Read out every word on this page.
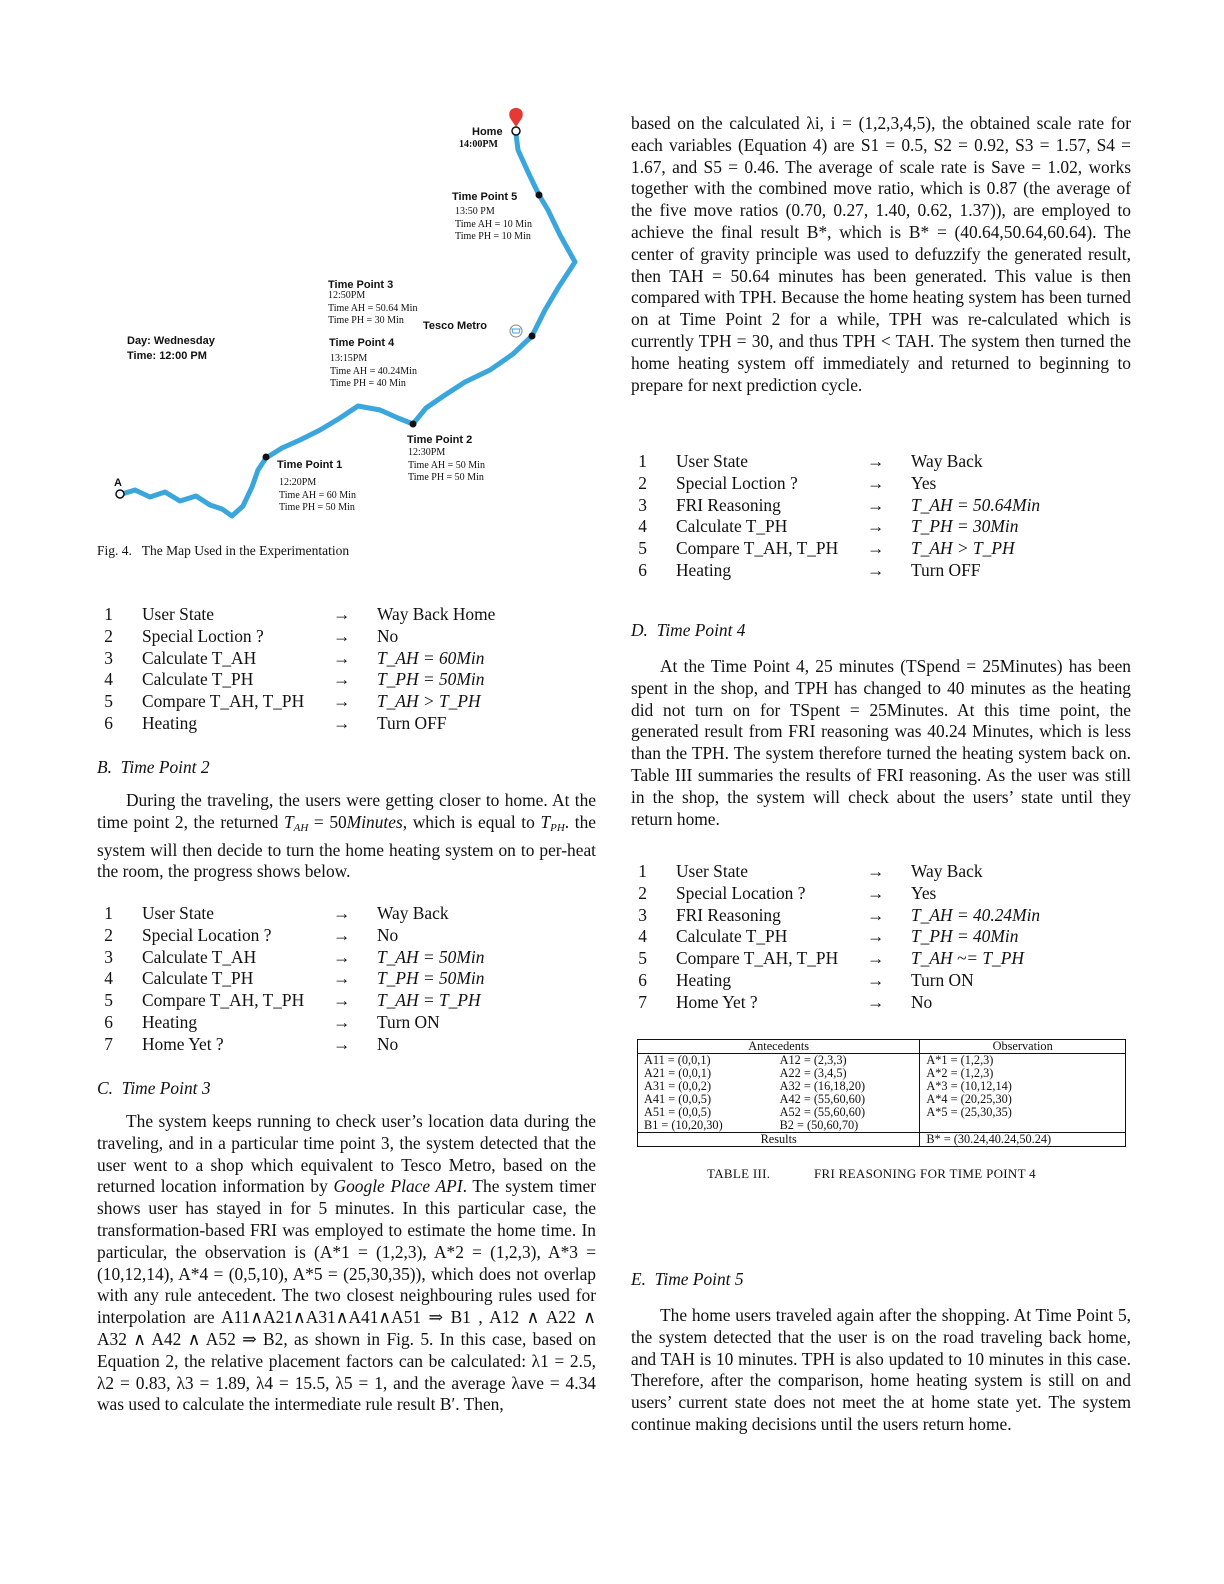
Home
14:00PM
Time Point 5
13:50 PM
Time AH = 10 Min
Time PH = 10 Min
Time Point 3
12:50PM
Time AH = 50.64 Min
Time PH = 30 Min	Tesco Metro
Day: Wednesday
Time: 12:00 PM
Time Point 4
13:15PM
Time AH = 40.24Min
Time PH = 40 Min
Time Point 2
12:30PM
Time AH = 50 Min
Time PH = 50 Min
Time Point 1
12:20PM
Time AH = 60 Min
Time PH = 50 Min
A
Fig. 4.   The Map Used in the Experimentation
1	User State	→	Way Back Home
2	Special Loction ?	→	No
3	Calculate T_AH	→	T_AH = 60Min
4	Calculate T_PH	→	T_PH = 50Min
5	Compare T_AH, T_PH	→	T_AH > T_PH
6	Heating	→	Turn OFF
B.  Time Point 2

During the traveling, the users were getting closer to home. At the time point 2, the returned $T_{AH}$ = 50Minutes, which is equal to $T_{PH}$. the system will then decide to turn the home heating system on to per-heat the room, the progress shows below.

1	User State	→	Way Back
2	Special Location ?	→	No
3	Calculate T_AH	→	T_AH = 50Min
4	Calculate T_PH	→	T_PH = 50Min
5	Compare T_AH, T_PH	→	T_AH = T_PH
6	Heating	→	Turn ON
7	Home Yet ?	→	No
C.  Time Point 3

The system keeps running to check user’s location data during the traveling, and in a particular time point 3, the system detected that the user went to a shop which equivalent to Tesco Metro, based on the returned location information by Google Place API. The system timer shows user has stayed in for 5 minutes. In this particular case, the transformation-based FRI was employed to estimate the home time. In particular, the observation is (A*1 = (1,2,3), A*2 = (1,2,3), A*3 = (10,12,14), A*4 = (0,5,10), A*5 = (25,30,35)), which does not overlap with any rule antecedent. The two closest neighbouring rules used for interpolation are A11∧A21∧A31∧A41∧A51 ⇒ B1 , A12 ∧ A22 ∧ A32 ∧ A42 ∧ A52 ⇒ B2, as shown in Fig. 5. In this case, based on Equation 2, the relative placement factors can be calculated: λ1 = 2.5, λ2 = 0.83, λ3 = 1.89, λ4 = 15.5, λ5 = 1, and the average λave = 4.34 was used to calculate the intermediate rule result B′. Then,

based on the calculated λi, i = (1,2,3,4,5), the obtained scale rate for each variables (Equation 4) are S1 = 0.5, S2 = 0.92, S3 = 1.57, S4 = 1.67, and S5 = 0.46. The average of scale rate is Save = 1.02, works together with the combined move ratio, which is 0.87 (the average of the five move ratios (0.70, 0.27, 1.40, 0.62, 1.37)), are employed to achieve the final result B*, which is B* = (40.64,50.64,60.64). The center of gravity principle was used to defuzzify the generated result, then TAH = 50.64 minutes has been generated. This value is then compared with TPH. Because the home heating system has been turned on at Time Point 2 for a while, TPH was re-calculated which is currently TPH = 30, and thus TPH < TAH. The system then turned the home heating system off immediately and returned to beginning to prepare for next prediction cycle.

1	User State	→	Way Back
2	Special Loction ?	→	Yes
3	FRI Reasoning	→	T_AH = 50.64Min
4	Calculate T_PH	→	T_PH = 30Min
5	Compare T_AH, T_PH	→	T_AH > T_PH
6	Heating	→	Turn OFF
D.  Time Point 4

At the Time Point 4, 25 minutes (TSpend = 25Minutes) has been spent in the shop, and TPH has changed to 40 minutes as the heating did not turn on for TSpent = 25Minutes. At this time point, the generated result from FRI reasoning was 40.24 Minutes, which is less than the TPH. The system therefore turned the heating system back on. Table III summaries the results of FRI reasoning. As the user was still in the shop, the system will check about the users’ state until they return home.

1	User State	→	Way Back
2	Special Location ?	→	Yes
3	FRI Reasoning	→	T_AH = 40.24Min
4	Calculate T_PH	→	T_PH = 40Min
5	Compare T_AH, T_PH	→	T_AH ~= T_PH
6	Heating	→	Turn ON
7	Home Yet ?	→	No
Antecedents		Observation
A11 = (0,0,1)	A12 = (2,3,3)	A*1 = (1,2,3)
A21 = (0,0,1)	A22 = (3,4,5)	A*2 = (1,2,3)
A31 = (0,0,2)	A32 = (16,18,20)	A*3 = (10,12,14)
A41 = (0,0,5)	A42 = (55,60,60)	A*4 = (20,25,30)
A51 = (0,0,5)	A52 = (55,60,60)	A*5 = (25,30,35)
B1 = (10,20,30)	B2 = (50,60,70)	
Results		B* = (30.24,40.24,50.24)
TABLE III.	FRI REASONING FOR TIME POINT 4
E.  Time Point 5

The home users traveled again after the shopping. At Time Point 5, the system detected that the user is on the road traveling back home, and TAH is 10 minutes. TPH is also updated to 10 minutes in this case. Therefore, after the comparison, home heating system is still on and users’ current state does not meet the at home state yet. The system continue making decisions until the users return home.
